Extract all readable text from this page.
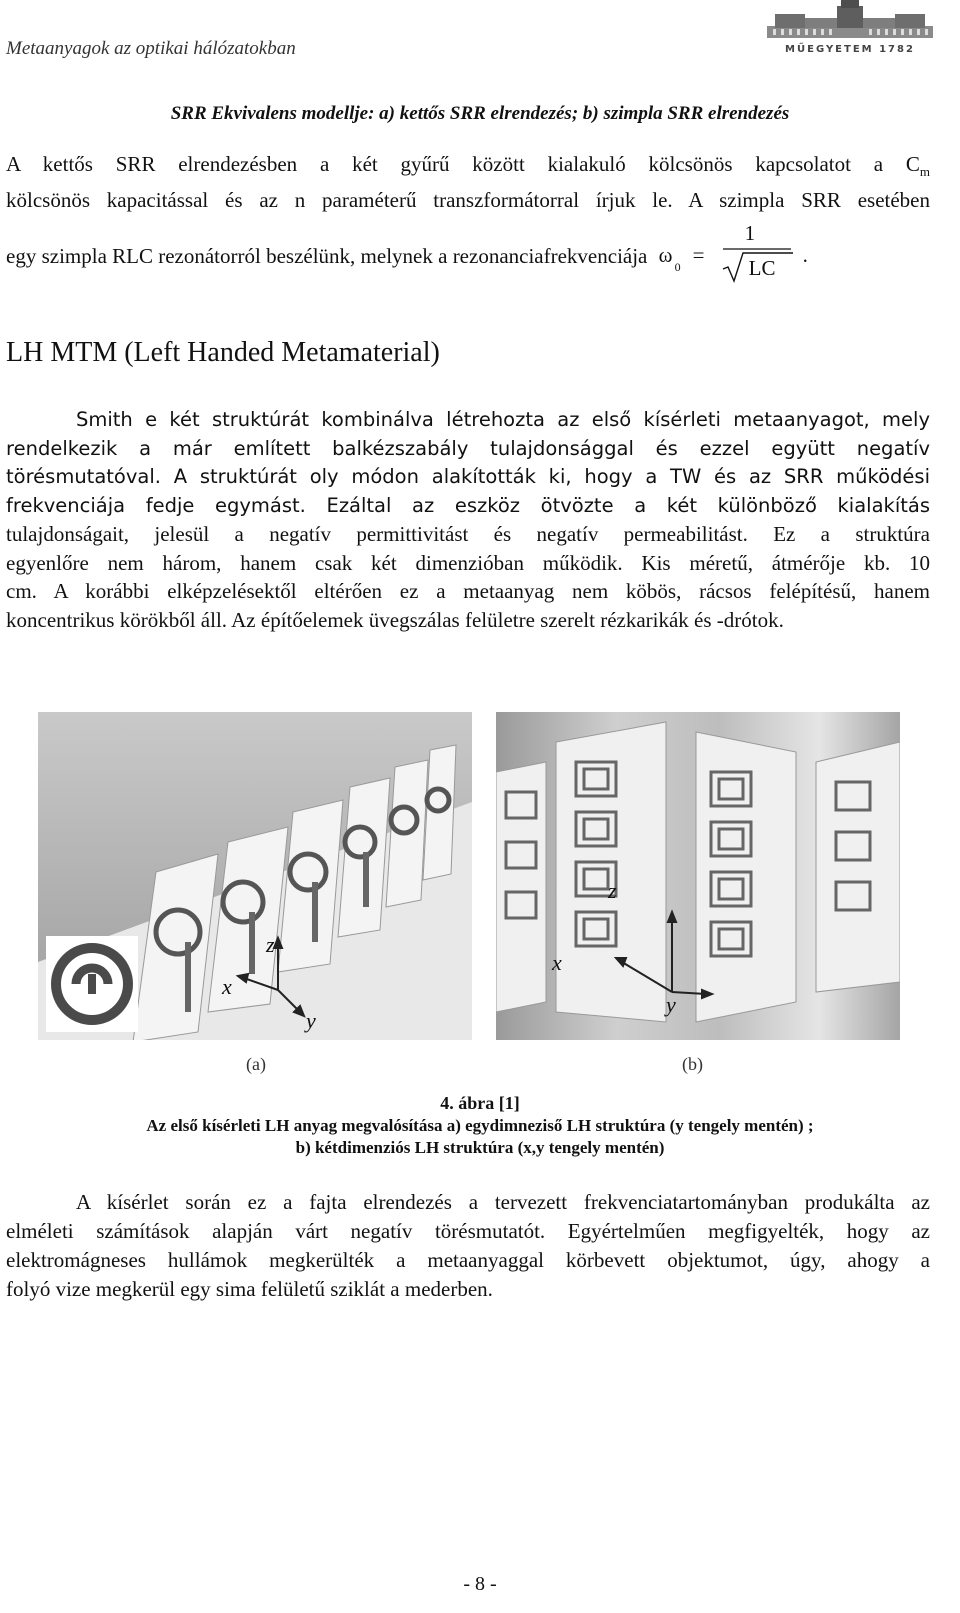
Metaanyagok az optikai hálózatokban	MŰEGYETEM 1782
SRR Ekvivalens modellje: a) kettős SRR elrendezés; b) szimpla SRR elrendezés
A kettős SRR elrendezésben a két gyűrű között kialakuló kölcsönös kapcsolatot a $C_m$
kölcsönös kapacitással és az n paraméterű transzformátorral írjuk le. A szimpla SRR esetében
egy szimpla RLC rezonátorról beszélünk, melynek a rezonanciafrekvenciája ω 0 =
1
LC
.
LH MTM (Left Handed Metamaterial)
Smith e két struktúrát kombinálva létrehozta az első kísérleti metaanyagot, mely
rendelkezik a már említett balkézszabály tulajdonsággal és ezzel együtt negatív
törésmutatóval. A struktúrát oly módon alakították ki, hogy a TW és az SRR működési
frekvenciája fedje egymást. Ezáltal az eszköz ötvözte a két különböző kialakítás
tulajdonságait, jelesül a negatív permittivitást és negatív permeabilitást. Ez a struktúra
egyenlőre nem három, hanem csak két dimenzióban működik. Kis méretű, átmérője kb. 10
cm. A korábbi elképzelésektől eltérően ez a metaanyag nem köbös, rácsos felépítésű, hanem
koncentrikus körökből áll. Az építőelemek üvegszálas felületre szerelt rézkarikák és -drótok.
z
x
y
z
x
y
(a)	(b)
4. ábra [1]
Az első kísérleti LH anyag megvalósítása a) egydimneziső LH struktúra (y tengely mentén) ;
b) kétdimenziós LH struktúra (x,y tengely mentén)
A kísérlet során ez a fajta elrendezés a tervezett frekvenciatartományban produkálta az
elméleti számítások alapján várt negatív törésmutatót. Egyértelműen megfigyelték, hogy az
elektromágneses hullámok megkerülték a metaanyaggal körbevett objektumot, úgy, ahogy a
folyó vize megkerül egy sima felületű sziklát a mederben.
- 8 -
